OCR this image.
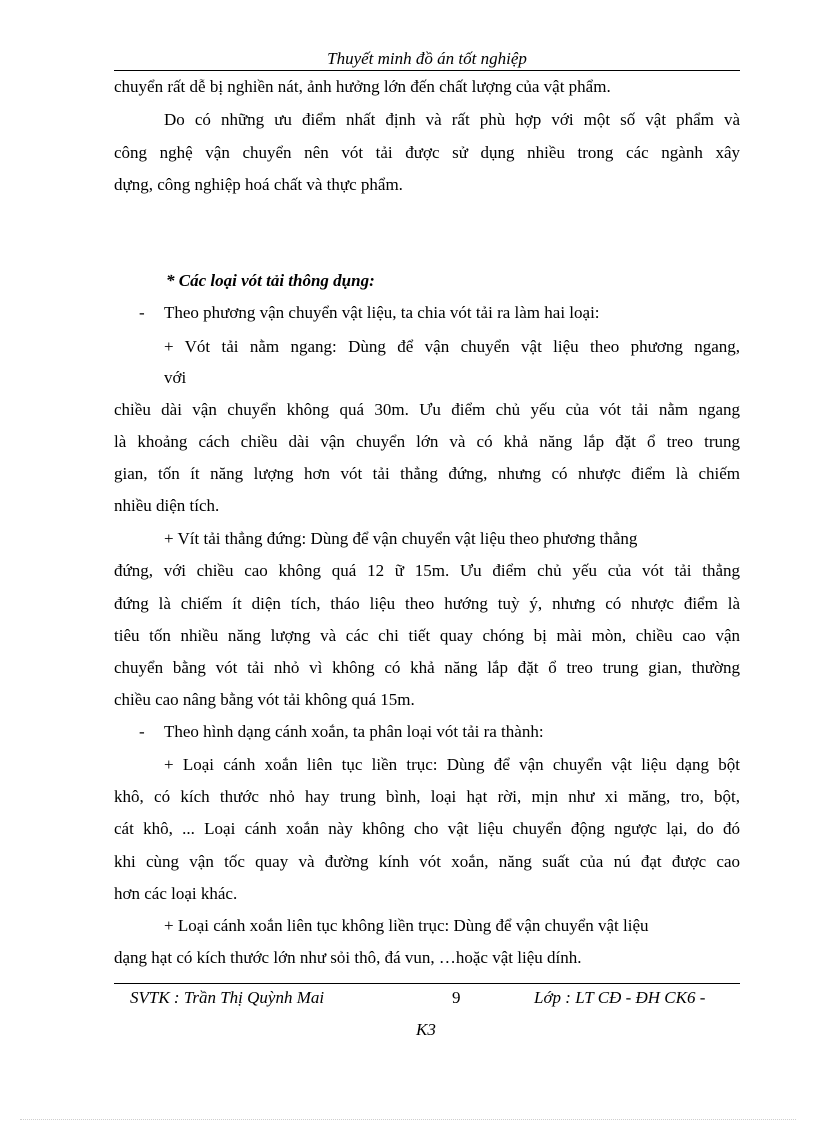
Thuyết minh đồ án tốt nghiệp
chuyển rất dễ bị nghiền nát, ảnh hưởng lớn đến chất lượng của vật phẩm.
Do có những ưu điểm nhất định và rất phù hợp với một số vật phẩm và
công nghệ vận chuyển nên vót tải được sử dụng nhiều trong các ngành xây
dựng, công nghiệp hoá chất và thực phẩm.
* Các loại vót tải thông dụng:
- Theo phương vận chuyển vật liệu, ta chia vót tải ra làm hai loại:
+ Vót tải nằm ngang: Dùng để vận chuyển vật liệu theo phương ngang,
với
chiều dài vận chuyển không quá 30m. Ưu điểm chủ yếu của vót tải nằm ngang
là khoảng cách chiều dài vận chuyển lớn và có khả năng lắp đặt ổ treo trung
gian, tốn ít năng lượng hơn vót tải thẳng đứng, nhưng có nhược điểm là chiếm
nhiều diện tích.
+ Vít tải thẳng đứng: Dùng để vận chuyển vật liệu theo phương thẳng
đứng, với chiều cao không quá 12 ữ 15m. Ưu điểm chủ yếu của vót tải thẳng
đứng là chiếm ít diện tích, tháo liệu theo hướng tuỳ ý, nhưng có nhược điểm là
tiêu tốn nhiều năng lượng và các chi tiết quay chóng bị mài mòn, chiều cao vận
chuyển bằng vót tải nhỏ vì không có khả năng lắp đặt ổ treo trung gian, thường
chiều cao nâng bằng vót tải không quá 15m.
- Theo hình dạng cánh xoắn, ta phân loại vót tải ra thành:
+ Loại cánh xoắn liên tục liền trục: Dùng để vận chuyển vật liệu dạng bột
khô, có kích thước nhỏ hay trung bình, loại hạt rời, mịn như xi măng, tro, bột,
cát khô, ... Loại cánh xoắn này không cho vật liệu chuyển động ngược lại, do đó
khi cùng vận tốc quay và đường kính vót xoắn, năng suất của nú đạt được cao
hơn các loại khác.
+ Loại cánh xoắn liên tục không liền trục: Dùng để vận chuyển vật liệu
dạng hạt có kích thước lớn như sỏi thô, đá vun, …hoặc vật liệu dính.
SVTK : Trần Thị Quỳnh Mai	9	Lớp : LT CĐ - ĐH CK6 -
K3
